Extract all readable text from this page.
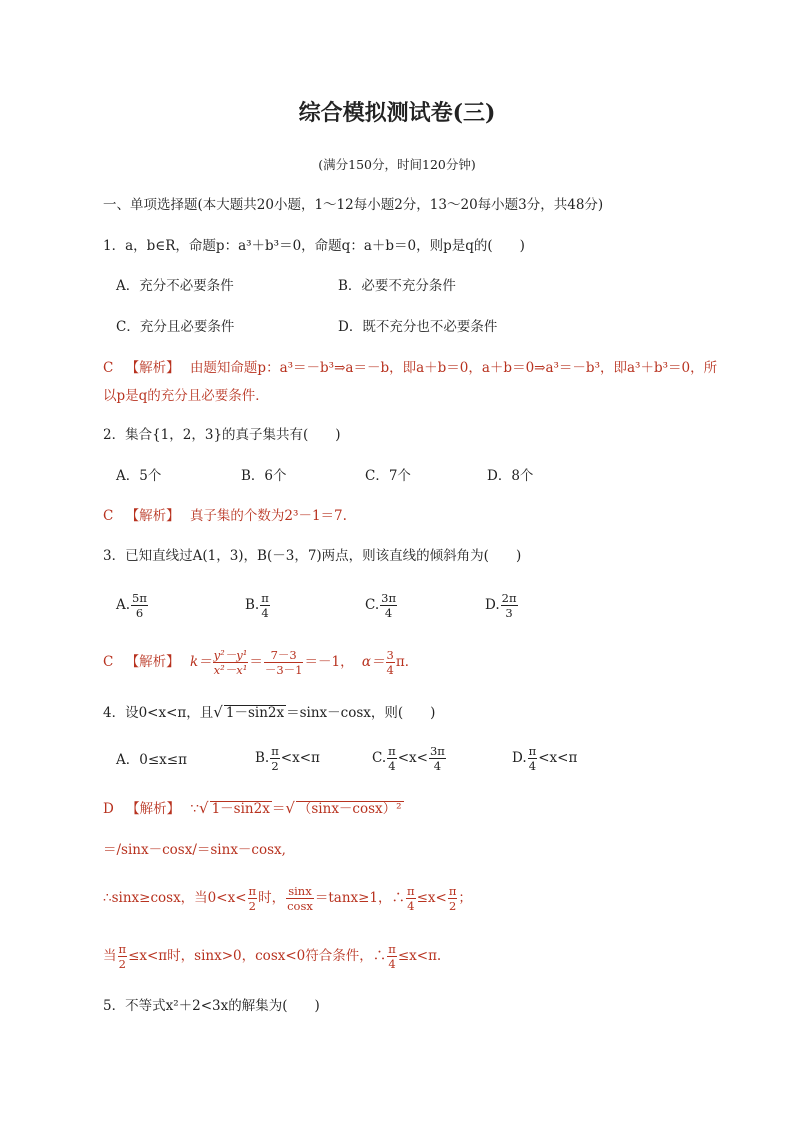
综合模拟测试卷(三)
(满分150分，时间120分钟)
一、单项选择题(本大题共20小题，1～12每小题2分，13～20每小题3分，共48分)
1．a，b∈R，命题p：a³＋b³＝0，命题q：a＋b＝0，则p是q的(　　)
A．充分不必要条件	B．必要不充分条件
C．充分且必要条件	D．既不充分也不必要条件
C 【解析】 由题知命题p：a³＝－b³⇒a＝－b，即a＋b＝0，a＋b＝0⇒a³＝－b³，即a³＋b³＝0，所
以p是q的充分且必要条件．
2．集合{1，2，3}的真子集共有(　　)
A．5个	B．6个	C．7个	D．8个
C 【解析】 真子集的个数为2³－1＝7.
3．已知直线过A(1，3)，B(－3，7)两点，则该直线的倾斜角为(　　)
A. $\frac{5\pi}{6}$	B. $\frac{\pi}{4}$	C. $\frac{3\pi}{4}$	D. $\frac{2\pi}{3}$
C 【解析】 $k= \frac{\text{y²－y¹}}{\text{x²－x¹}} = \frac{7-3}{-3-1} =-1$， $\alpha= \frac{3}{4}$ π．
4．设0<x<π，且√ 1－sin2x ＝sinx－cosx，则(　　)
A．0≤x≤π	B. $\frac{\pi}{2} <x<\pi$	C. $\frac{\pi}{4} <x< \frac{3\pi}{4}$	D. $\frac{\pi}{4} <x<\pi$
D 【解析】 ∵√ 1－sin2x ＝√ （sinx－cosx）²
＝/sinx－cosx/＝sinx－cosx,
∴sinx≥cosx，当$0<x< \frac{\pi}{2}$ 时， $\frac{\sin x}{\cos x} =\tan x\ge 1$，∴ $\frac{\pi}{4} \le x< \frac{\pi}{2}$ ；
当 $\frac{\pi}{2} \le x<\pi$时，sinx>0，cosx<0符合条件，∴ $\frac{\pi}{4} \le x<\pi$.
5．不等式x²＋2<3x的解集为(　　)
